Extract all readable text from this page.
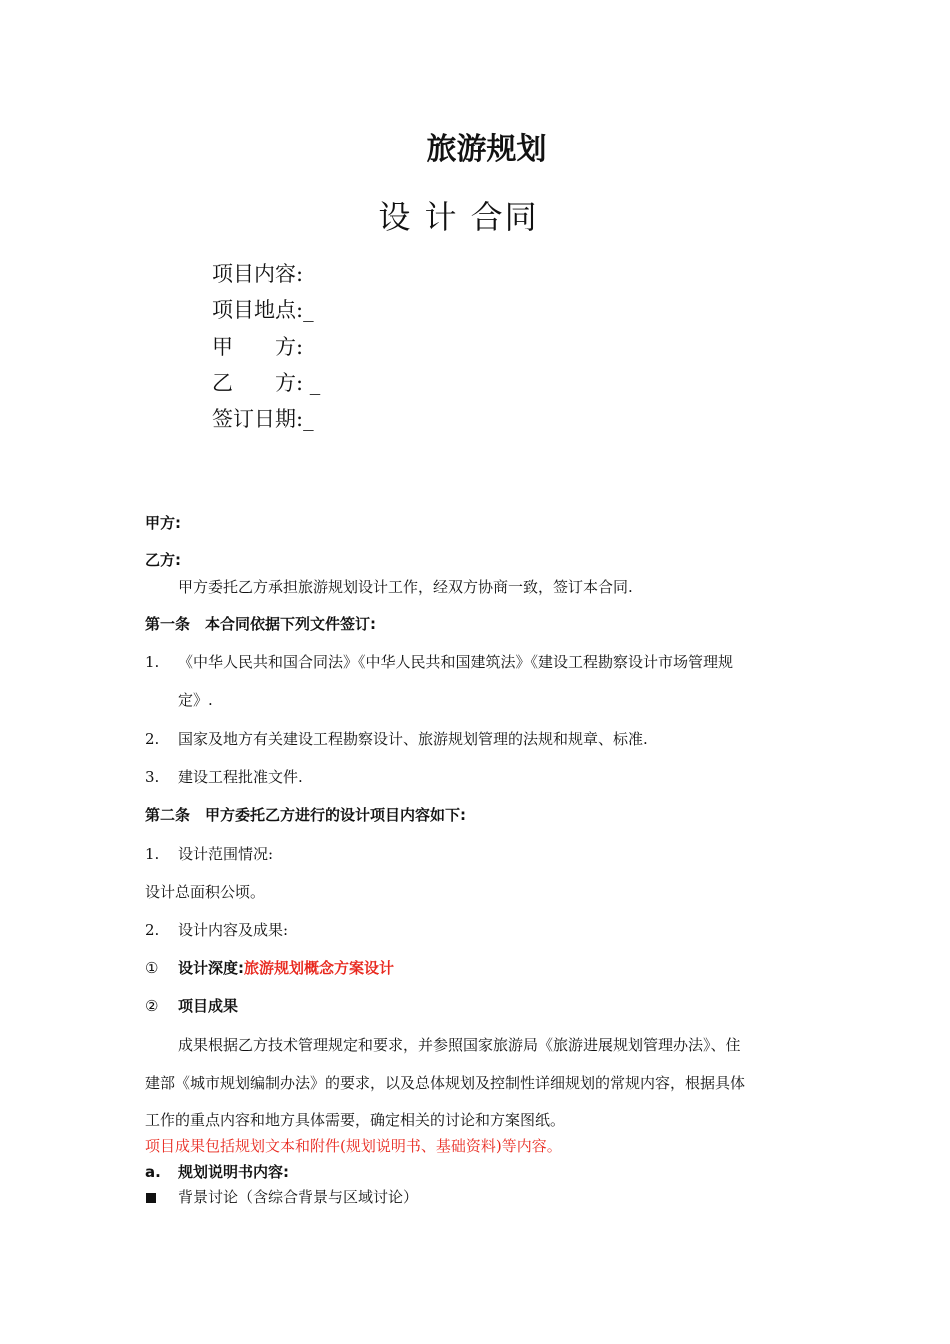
旅游规划
设 计 合同
项目内容:
项目地点:_
甲　　方:
乙　　方: _
签订日期:_
甲方:
乙方:
甲方委托乙方承担旅游规划设计工作，经双方协商一致，签订本合同.
第一条　本合同依据下列文件签订:
1. 《中华人民共和国合同法》《中华人民共和国建筑法》《建设工程勘察设计市场管理规
定》.
2. 国家及地方有关建设工程勘察设计、旅游规划管理的法规和规章、标准.
3. 建设工程批准文件.
第二条　甲方委托乙方进行的设计项目内容如下:
1. 设计范围情况:
设计总面积公顷。
2. 设计内容及成果:
① 设计深度:旅游规划概念方案设计
② 项目成果
成果根据乙方技术管理规定和要求，并参照国家旅游局《旅游进展规划管理办法》、住
建部《城市规划编制办法》的要求，以及总体规划及控制性详细规划的常规内容，根据具体
工作的重点内容和地方具体需要，确定相关的讨论和方案图纸。
项目成果包括规划文本和附件(规划说明书、基础资料)等内容。
a. 规划说明书内容:
背景讨论（含综合背景与区域讨论）
